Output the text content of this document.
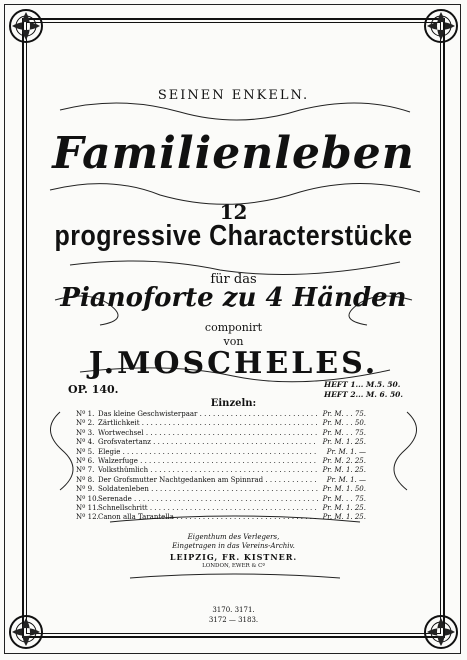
SEINEN ENKELN.
Familienleben
12
progressive Characterstücke
für das
Pianoforte zu 4 Händen
componirt
von
J.MOSCHELES.
OP. 140.	HEFT 1... M.5. 50.
HEFT 2... M. 6. 50.
Einzeln:
Nº 1. Das kleine Geschwisterpaar . . .	Pr. M. . . 75.
Nº 2. Zärtlichkeit . . .	Pr. M. . . 50.
Nº 3. Wortwechsel . . .	Pr. M. . . 75.
Nº 4. Grofsvatertanz . . .	Pr. M. 1. 25.
Nº 5. Elegie . . .	Pr. M. 1. —
Nº 6. Walzerfuge . . .	Pr. M. 2. 25.
Nº 7. Volksthümlich . . .	Pr. M. 1. 25.
Nº 8. Der Grofsmutter Nachtgedanken am Spinnrad . . .	Pr. M. 1. —
Nº 9. Soldatenleben . . .	Pr. M. 1. 50.
Nº 10. Serenade . . .	Pr. M. . . 75.
Nº 11. Schnellschritt . . .	Pr. M. 1. 25.
Nº 12. Canon alla Tarantella . . .	Pr. M. 1. 25.
Eigenthum des Verlegers,
Eingetragen in das Vereins-Archiv.
LEIPZIG, FR. KISTNER.
LONDON, EWER & Cº
3170. 3171.
3172 — 3183.
